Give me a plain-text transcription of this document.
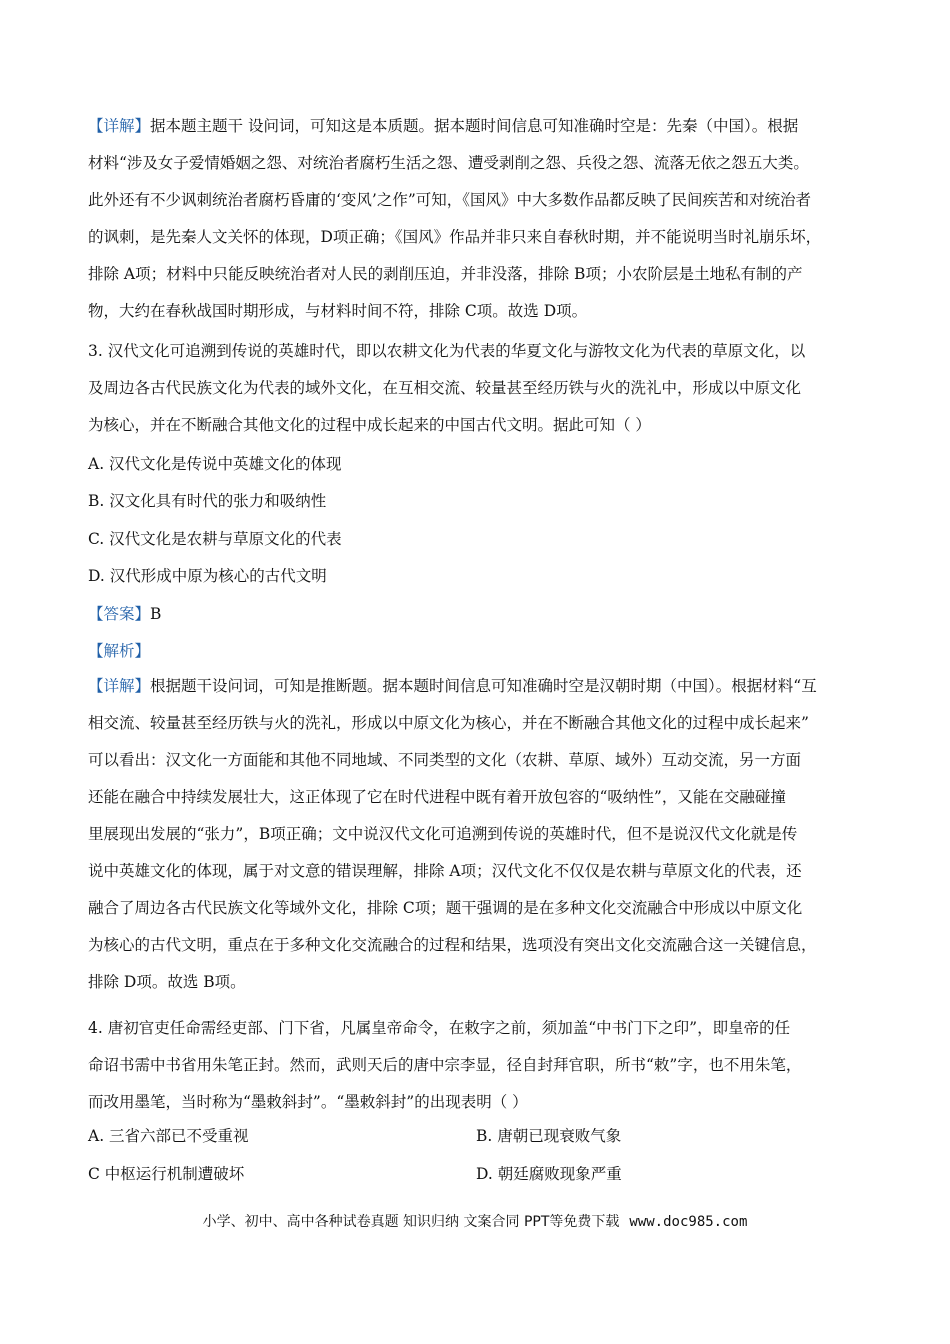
【详解】据本题主题干 设问词，可知这是本质题。据本题时间信息可知准确时空是：先秦（中国）。根据
材料“涉及女子爱情婚姻之怨、对统治者腐朽生活之怨、遭受剥削之怨、兵役之怨、流落无依之怨五大类。
此外还有不少讽刺统治者腐朽昏庸的‘变风’之作”可知，《国风》中大多数作品都反映了民间疾苦和对统治者
的讽刺，是先秦人文关怀的体现，D项正确；《国风》作品并非只来自春秋时期，并不能说明当时礼崩乐坏，
排除 A项；材料中只能反映统治者对人民的剥削压迫，并非没落，排除 B项；小农阶层是土地私有制的产
物，大约在春秋战国时期形成，与材料时间不符，排除 C项。故选 D项。
3. 汉代文化可追溯到传说的英雄时代，即以农耕文化为代表的华夏文化与游牧文化为代表的草原文化，以
及周边各古代民族文化为代表的域外文化，在互相交流、较量甚至经历铁与火的洗礼中，形成以中原文化
为核心，并在不断融合其他文化的过程中成长起来的中国古代文明。据此可知（ ）
A. 汉代文化是传说中英雄文化的体现
B. 汉文化具有时代的张力和吸纳性
C. 汉代文化是农耕与草原文化的代表
D. 汉代形成中原为核心的古代文明
【答案】B
【解析】
【详解】根据题干设问词，可知是推断题。据本题时间信息可知准确时空是汉朝时期（中国）。根据材料“互
相交流、较量甚至经历铁与火的洗礼，形成以中原文化为核心，并在不断融合其他文化的过程中成长起来”
可以看出：汉文化一方面能和其他不同地域、不同类型的文化（农耕、草原、域外）互动交流，另一方面
还能在融合中持续发展壮大，这正体现了它在时代进程中既有着开放包容的“吸纳性”，又能在交融碰撞
里展现出发展的“张力”，B项正确；文中说汉代文化可追溯到传说的英雄时代，但不是说汉代文化就是传
说中英雄文化的体现，属于对文意的错误理解，排除 A项；汉代文化不仅仅是农耕与草原文化的代表，还
融合了周边各古代民族文化等域外文化，排除 C项；题干强调的是在多种文化交流融合中形成以中原文化
为核心的古代文明，重点在于多种文化交流融合的过程和结果，选项没有突出文化交流融合这一关键信息，
排除 D项。故选 B项。
4. 唐初官吏任命需经吏部、门下省，凡属皇帝命令，在敕字之前，须加盖“中书门下之印”，即皇帝的任
命诏书需中书省用朱笔正封。然而，武则天后的唐中宗李显，径自封拜官职，所书“敕”字，也不用朱笔，
而改用墨笔，当时称为“墨敕斜封”。“墨敕斜封”的出现表明（ ）
A. 三省六部已不受重视	B. 唐朝已现衰败气象
C 中枢运行机制遭破坏	D. 朝廷腐败现象严重
小学、初中、高中各种试卷真题 知识归纳 文案合同 PPT等免费下载 www.doc985.com
